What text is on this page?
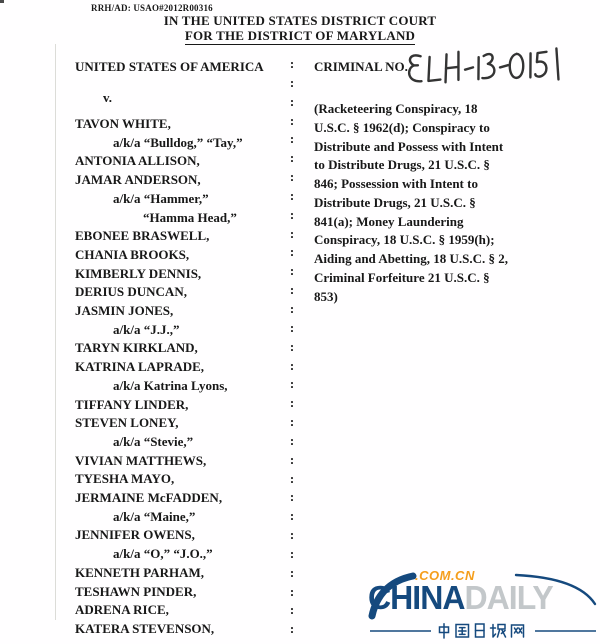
RRH/AD: USAO#2012R00316
IN THE UNITED STATES DISTRICT COURT
FOR THE DISTRICT OF MARYLAND
UNITED STATES OF AMERICA
v.
TAVON WHITE,
a/k/a “Bulldog,” “Tay,”
ANTONIA ALLISON,
JAMAR ANDERSON,
a/k/a “Hammer,”
“Hamma Head,”
EBONEE BRASWELL,
CHANIA BROOKS,
KIMBERLY DENNIS,
DERIUS DUNCAN,
JASMIN JONES,
a/k/a “J.J.,”
TARYN KIRKLAND,
KATRINA LAPRADE,
a/k/a Katrina Lyons,
TIFFANY LINDER,
STEVEN LONEY,
a/k/a “Stevie,”
VIVIAN MATTHEWS,
TYESHA MAYO,
JERMAINE McFADDEN,
a/k/a “Maine,”
JENNIFER OWENS,
a/k/a “O,” “J.O.,”
KENNETH PARHAM,
TESHAWN PINDER,
ADRENA RICE,
KATERA STEVENSON,
:
:
:
:
:
:
:
:
:
:
:
:
:
:
:
:
:
:
:
:
:
:
:
:
:
:
:
:
:
:
:
CRIMINAL NO.
(Racketeering Conspiracy, 18
U.S.C. § 1962(d); Conspiracy to
Distribute and Possess with Intent
to Distribute Drugs, 21 U.S.C. §
846; Possession with Intent to
Distribute Drugs, 21 U.S.C. §
841(a); Money Laundering
Conspiracy, 18 U.S.C. § 1959(h);
Aiding and Abetting, 18 U.S.C. § 2,
Criminal Forfeiture 21 U.S.C. §
853)
.COM.CN
CHINADAILY
